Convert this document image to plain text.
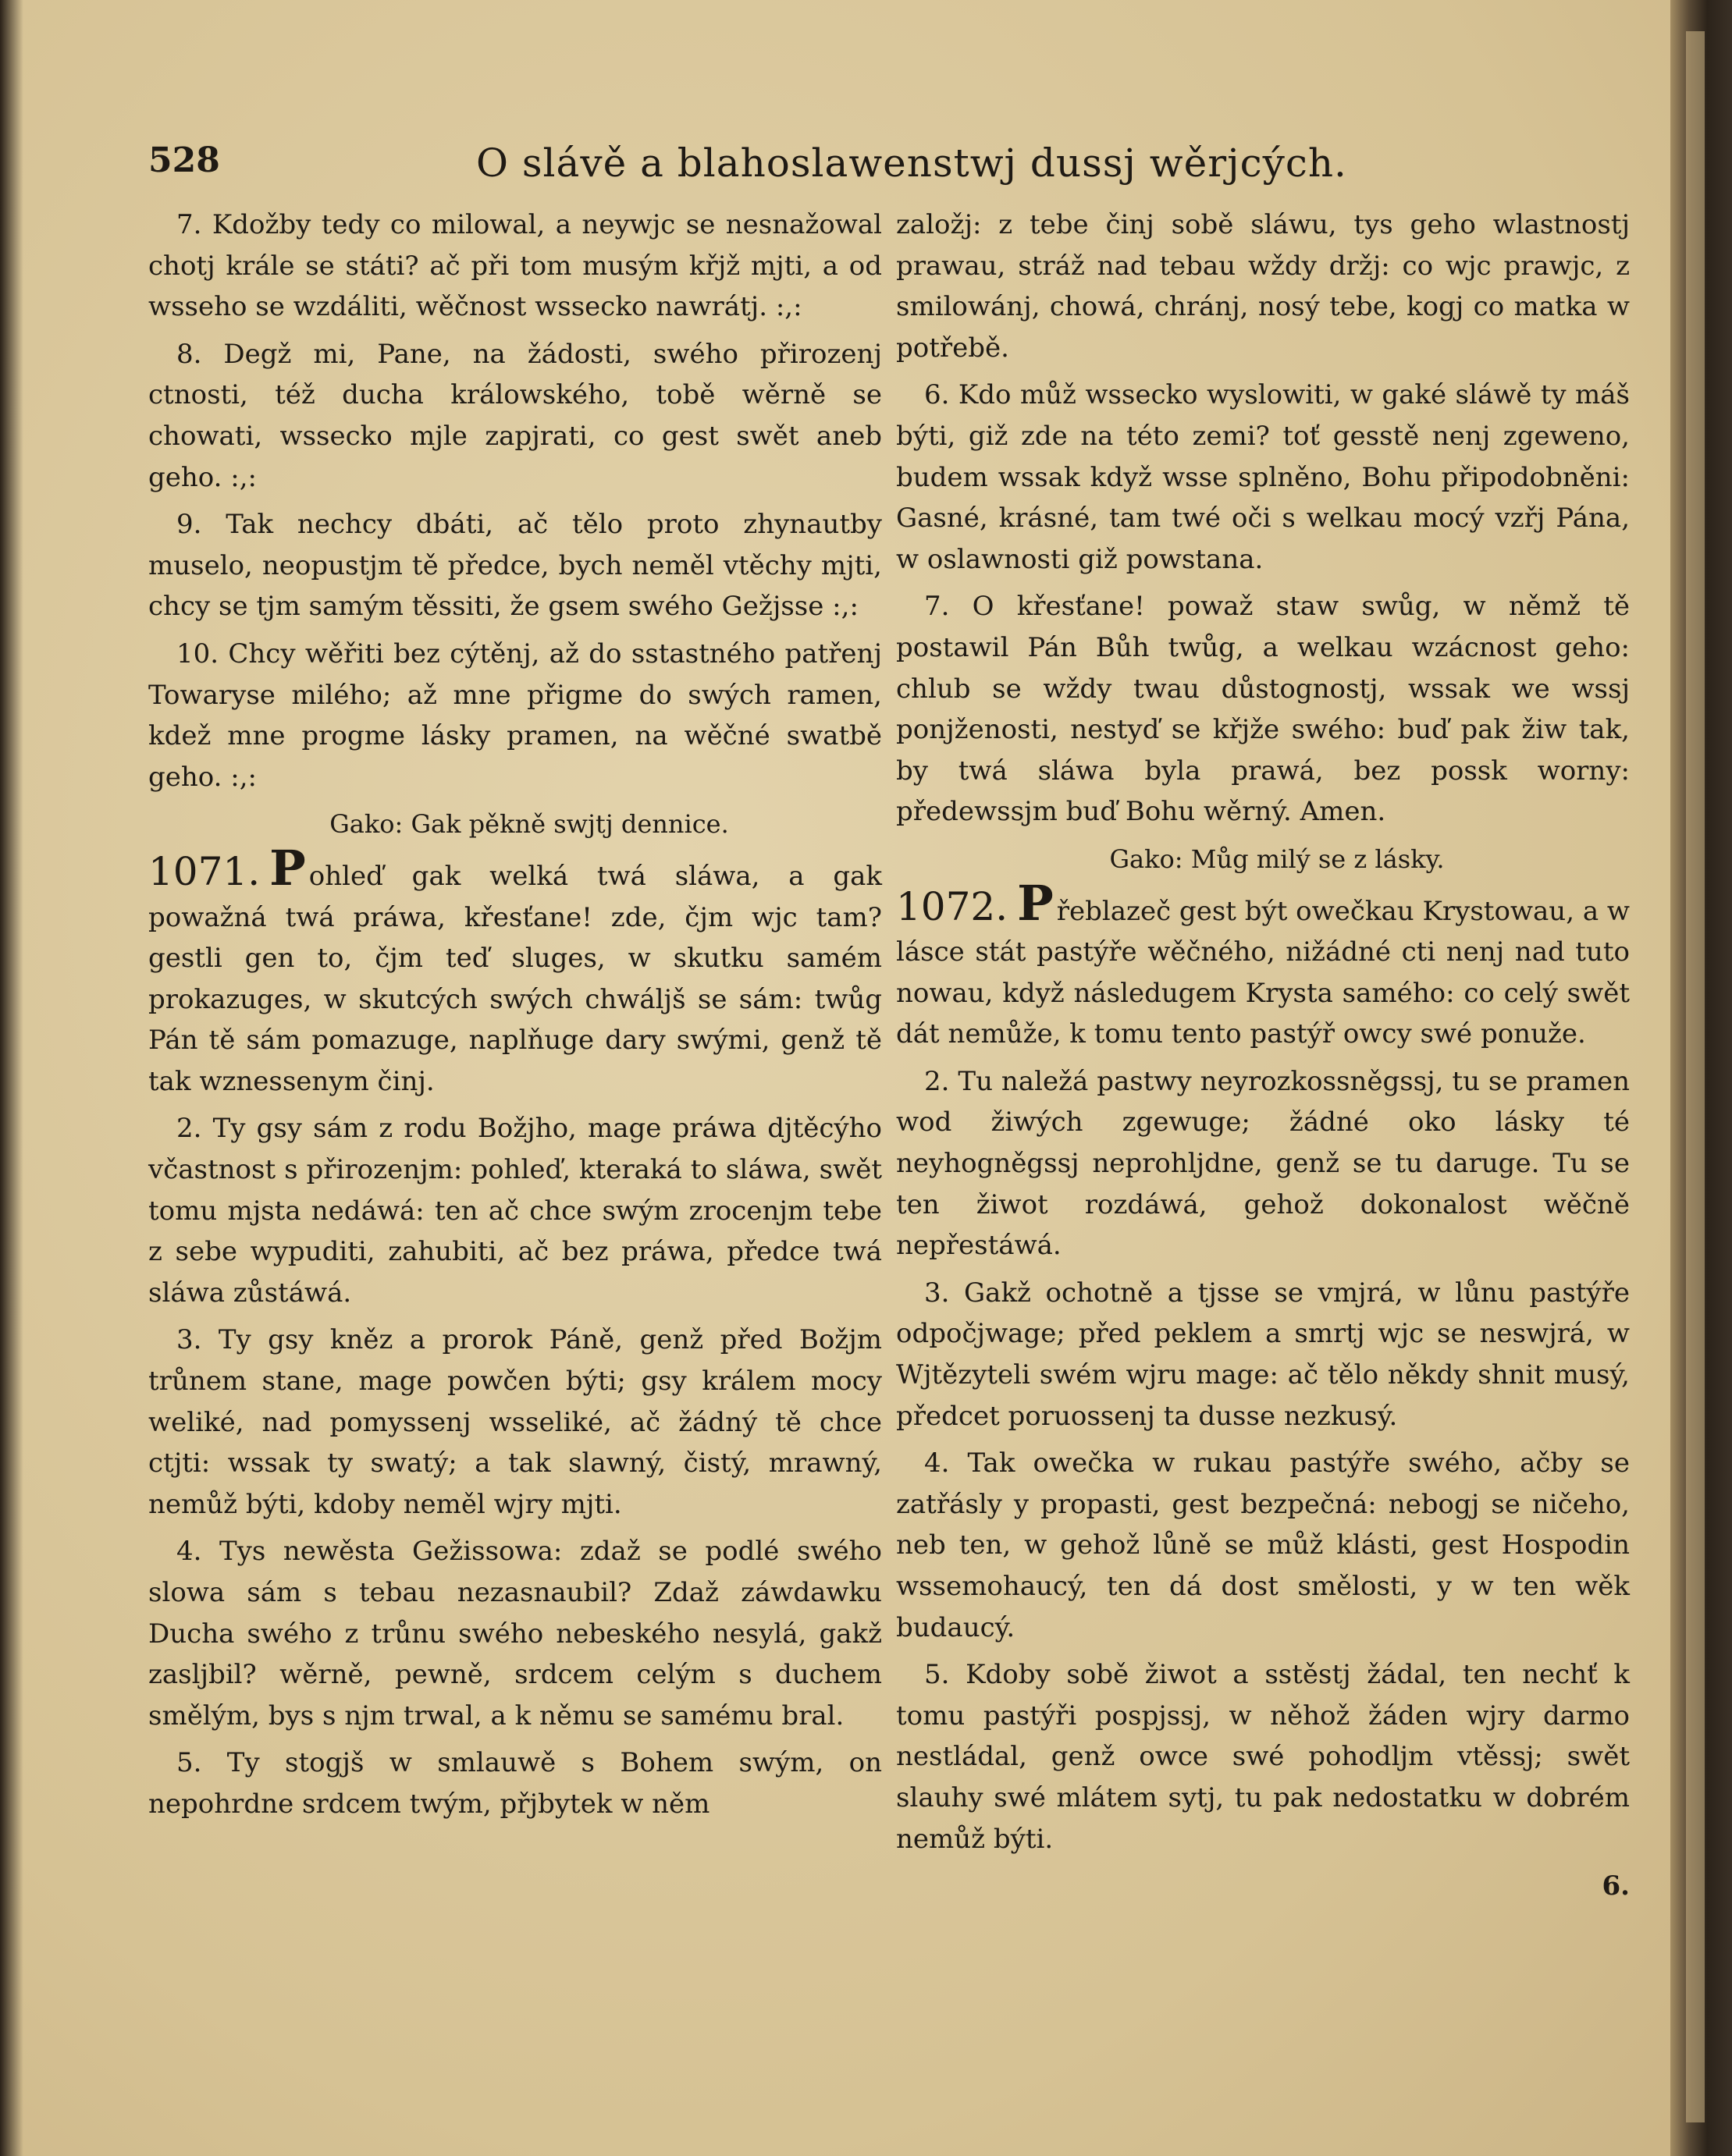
528	O slávě a blahoslawenstwj dussj wěrjcých.

7. Kdožby tedy co milowal, a neywjc se nesnažowal chotj krále se státi? ač při tom musým křjž mjti, a od wsseho se wzdáliti, wěčnost wssecko nawrátj. :,:

8. Degž mi, Pane, na žádosti, swého přirozenj ctnosti, též ducha králowského, tobě wěrně se chowati, wssecko mjle zapjrati, co gest swět aneb geho. :,:

9. Tak nechcy dbáti, ač tělo proto zhynautby muselo, neopustjm tě předce, bych neměl vtěchy mjti, chcy se tjm samým těssiti, že gsem swého Gežjsse :,:

10. Chcy wěřiti bez cýtěnj, až do sstastného patřenj Towaryse milého; až mne přigme do swých ramen, kdež mne progme lásky pramen, na wěčné swatbě geho. :,:

Gako: Gak pěkně swjtj dennice.

1071. P ohleď gak welká twá sláwa, a gak powažná twá práwa, křesťane! zde, čjm wjc tam? gestli gen to, čjm teď sluges, w skutku samém prokazuges, w skutcých swých chwáljš se sám: twůg Pán tě sám pomazuge, naplňuge dary swými, genž tě tak wznessenym činj.

2. Ty gsy sám z rodu Božjho, mage práwa djtěcýho včastnost s přirozenjm: pohleď, kteraká to sláwa, swět tomu mjsta nedáwá: ten ač chce swým zrocenjm tebe z sebe wypuditi, zahubiti, ač bez práwa, předce twá sláwa zůstáwá.

3. Ty gsy kněz a prorok Páně, genž před Božjm trůnem stane, mage powčen býti; gsy králem mocy weliké, nad pomyssenj wsseliké, ač žádný tě chce ctjti: wssak ty swatý; a tak slawný, čistý, mrawný, nemůž býti, kdoby neměl wjry mjti.

4. Tys newěsta Gežissowa: zdaž se podlé swého slowa sám s tebau nezasnaubil? Zdaž záwdawku Ducha swého z trůnu swého nebeského nesylá, gakž zasljbil? wěrně, pewně, srdcem celým s duchem smělým, bys s njm trwal, a k němu se samému bral.

5. Ty stogjš w smlauwě s Bohem swým, on nepohrdne srdcem twým, přjbytek w něm

založj: z tebe činj sobě sláwu, tys geho wlastnostj prawau, stráž nad tebau wždy držj: co wjc prawjc, z smilowánj, chowá, chránj, nosý tebe, kogj co matka w potřebě.

6. Kdo můž wssecko wyslowiti, w gaké sláwě ty máš býti, giž zde na této zemi? toť gesstě nenj zgeweno, budem wssak když wsse splněno, Bohu připodobněni: Gasné, krásné, tam twé oči s welkau mocý vzřj Pána, w oslawnosti giž powstana.

7. O křesťane! powaž staw swůg, w němž tě postawil Pán Bůh twůg, a welkau wzácnost geho: chlub se wždy twau důstognostj, wssak we wssj ponjženosti, nestyď se křjže swého: buď pak žiw tak, by twá sláwa byla prawá, bez possk worny: předewssjm buď Bohu wěrný. Amen.

Gako: Můg milý se z lásky.

1072. P řeblazeč gest být owečkau Krystowau, a w lásce stát pastýře wěčného, nižádné cti nenj nad tuto nowau, když následugem Krysta samého: co celý swět dát nemůže, k tomu tento pastýř owcy swé ponuže.

2. Tu naležá pastwy neyrozkossněgssj, tu se pramen wod žiwých zgewuge; žádné oko lásky té neyhogněgssj neprohljdne, genž se tu daruge. Tu se ten žiwot rozdáwá, gehož dokonalost wěčně nepřestáwá.

3. Gakž ochotně a tjsse se vmjrá, w lůnu pastýře odpočjwage; před peklem a smrtj wjc se neswjrá, w Wjtězyteli swém wjru mage: ač tělo někdy shnit musý, předcet poruossenj ta dusse nezkusý.

4. Tak owečka w rukau pastýře swého, ačby se zatřásly y propasti, gest bezpečná: nebogj se ničeho, neb ten, w gehož lůně se můž klásti, gest Hospodin wssemohaucý, ten dá dost smělosti, y w ten wěk budaucý.

5. Kdoby sobě žiwot a sstěstj žádal, ten nechť k tomu pastýři pospjssj, w něhož žáden wjry darmo nestládal, genž owce swé pohodljm vtěssj; swět slauhy swé mlátem sytj, tu pak nedostatku w dobrém nemůž býti.

6.
